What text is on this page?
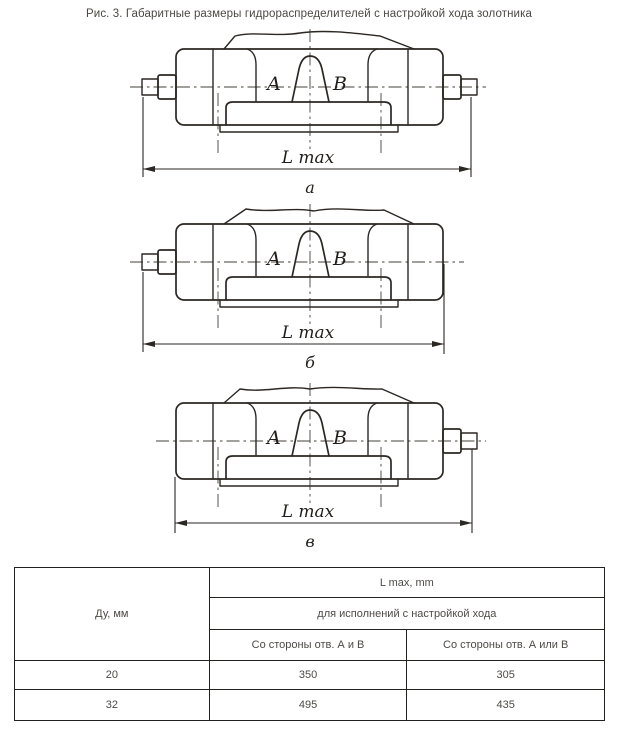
Рис. 3. Габаритные размеры гидрораспределителей с настройкой хода золотника
A	B
L max
а
A	B
L max
б
A	B
L max
в
Ду, мм	L max, mm	
	для исполнений с настройкой хода	
	Со стороны отв. А и В	Со стороны отв. А или В
20	350	305
32	495	435
